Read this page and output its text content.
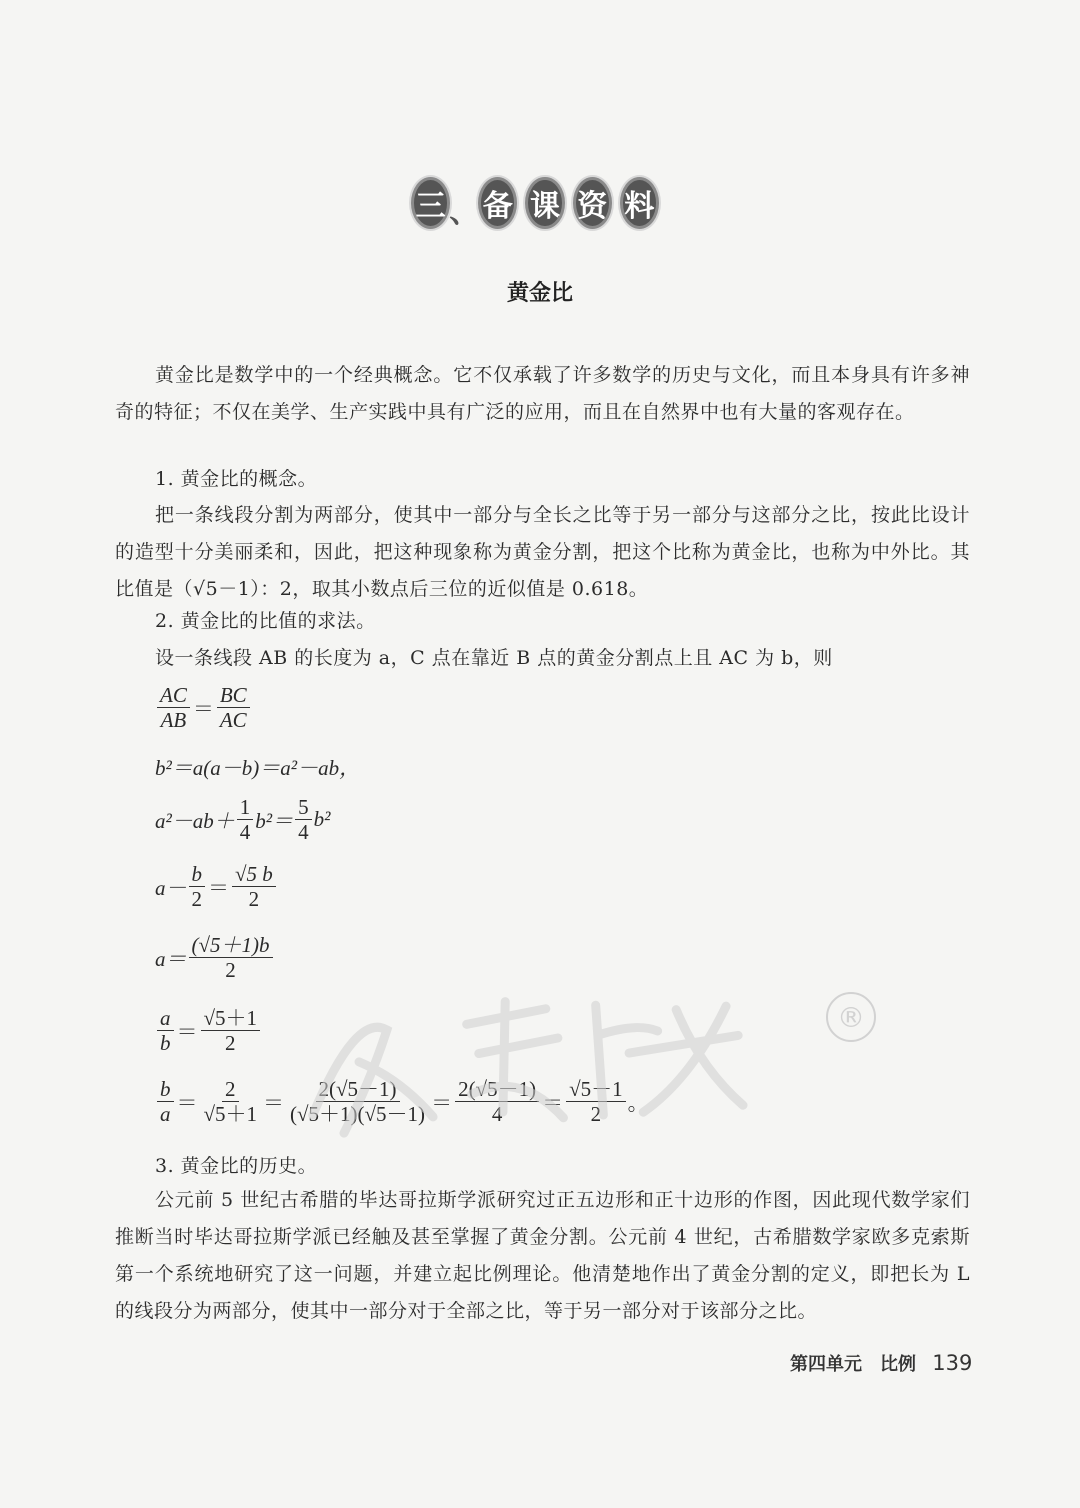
三 、 备 课 资 料
黄金比
黄金比是数学中的一个经典概念。它不仅承载了许多数学的历史与文化，而且本身具有许多神奇的特征；不仅在美学、生产实践中具有广泛的应用，而且在自然界中也有大量的客观存在。
1. 黄金比的概念。
把一条线段分割为两部分，使其中一部分与全长之比等于另一部分与这部分之比，按此比设计的造型十分美丽柔和，因此，把这种现象称为黄金分割，把这个比称为黄金比，也称为中外比。其比值是（√5－1）：2，取其小数点后三位的近似值是 0.618。
2. 黄金比的比值的求法。
设一条线段 AB 的长度为 a，C 点在靠近 B 点的黄金分割点上且 AC 为 b，则
$\frac{AC}{AB} = \frac{BC}{AC}$
b²＝a(a－b)＝a²－ab，
$a^2-ab+ \frac{1}{4} b^2= \frac{5}{4} b^2$
$a- \frac{b}{2} = \frac{√5 b}{2}$
$a= \frac{(√5+1)b}{2}$
$\frac{a}{b} = \frac{√5+1}{2}$
$\frac{b}{a} = \frac{2}{√5+1} = \frac{2(√5-1)}{(√5+1)(√5-1)} = \frac{2(√5-1)}{4} = \frac{√5-1}{2}$ 。
®
3. 黄金比的历史。
公元前 5 世纪古希腊的毕达哥拉斯学派研究过正五边形和正十边形的作图，因此现代数学家们推断当时毕达哥拉斯学派已经触及甚至掌握了黄金分割。公元前 4 世纪，古希腊数学家欧多克索斯第一个系统地研究了这一问题，并建立起比例理论。他清楚地作出了黄金分割的定义，即把长为 L 的线段分为两部分，使其中一部分对于全部之比，等于另一部分对于该部分之比。
第四单元　比例 139
